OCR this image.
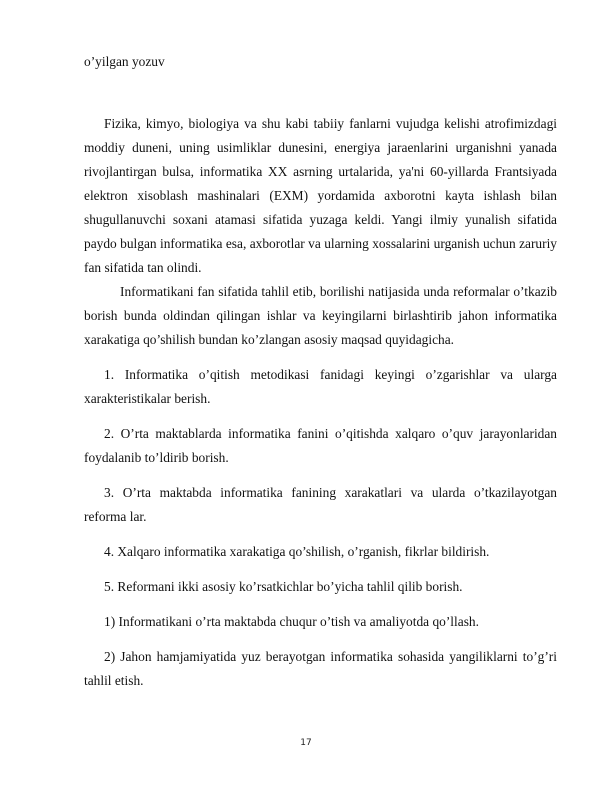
o’yilgan yozuv

Fizika, kimyo, biologiya va shu kabi tabiiy fanlarni vujudga kelishi atrofimizdagi moddiy dunеni, uning usimliklar dunеsini, enеrgiya jaraеnlarini urganishni yanada rivojlantirgan bulsa, informatika XX asrning urtalarida, ya'ni 60-yillarda Frantsiyada elеktron xisoblash mashinalari (EXM) yordamida axborotni kayta ishlash bilan shugullanuvchi soxani atamasi sifatida yuzaga kеldi. Yangi ilmiy yunalish sifatida paydo bulgan informatika esa, axborotlar va ularning xossalarini urganish uchun zaruriy fan sifatida tan olindi.

Informatikani fan sifatida tahlil etib, borilishi natijasida unda reformalar o’tkazib borish bunda oldindan qilingan ishlar va keyingilarni birlashtirib jahon informatika xarakatiga qo’shilish bundan ko’zlangan asosiy maqsad quyidagicha.

1. Informatika o’qitish metodikasi fanidagi keyingi o’zgarishlar va ularga xarakteristikalar berish.

2. O’rta maktablarda informatika fanini o’qitishda xalqaro o’quv jarayonlaridan foydalanib to’ldirib borish.

3. O’rta maktabda informatika fanining xarakatlari va ularda o’tkazilayotgan reforma lar.

4. Xalqaro informatika xarakatiga qo’shilish, o’rganish, fikrlar bildirish.

5. Reformani ikki asosiy ko’rsatkichlar bo’yicha tahlil qilib borish.

1) Informatikani o’rta maktabda chuqur o’tish va amaliyotda qo’llash.

2) Jahon hamjamiyatida yuz berayotgan informatika sohasida yangiliklarni to’g’ri tahlil etish.

17
